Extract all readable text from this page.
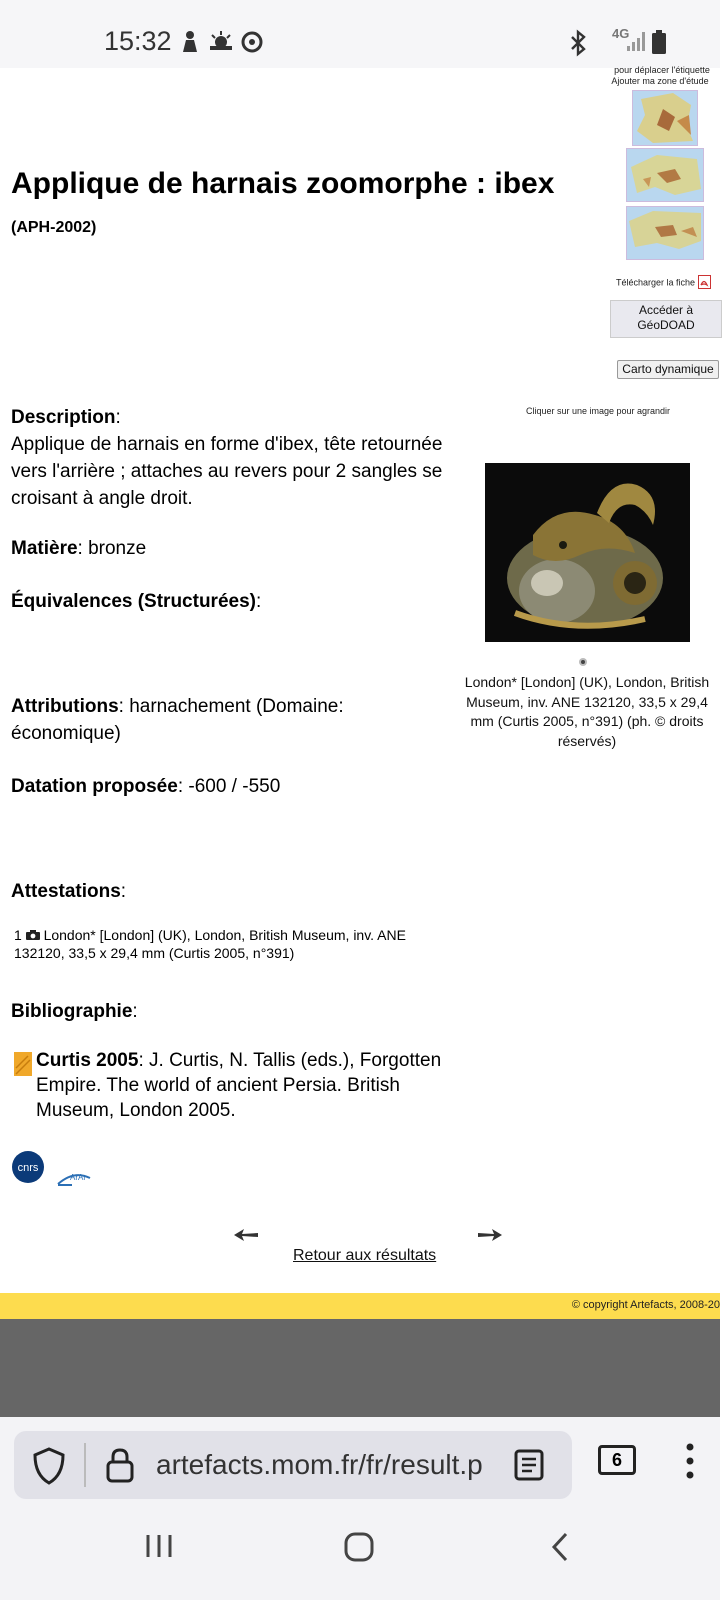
15:32	4G
pour déplacer l'étiquette
Ajouter ma zone d'étude
Télécharger la fiche
Accéder à GéoDOAD
Carto dynamique
Applique de harnais zoomorphe : ibex
(APH-2002)
Cliquer sur une image pour agrandir
Description:
Applique de harnais en forme d'ibex, tête retournée vers l'arrière ; attaches au revers pour 2 sangles se croisant à angle droit.
Matière: bronze
Équivalences (Structurées):
Attributions: harnachement (Domaine: économique)
Datation proposée: -600 / -550
Attestations:
1 London* [London] (UK), London, British Museum, inv. ANE 132120, 33,5 x 29,4 mm (Curtis 2005, n°391)
Bibliographie:
Curtis 2005: J. Curtis, N. Tallis (eds.), Forgotten Empire. The world of ancient Persia. British Museum, London 2005.
London* [London] (UK), London, British Museum, inv. ANE 132120, 33,5 x 29,4 mm (Curtis 2005, n°391) (ph. © droits réservés)
cnrs
ArAr
Retour aux résultats
© copyright Artefacts, 2008-20
artefacts.mom.fr/fr/result.p	6
